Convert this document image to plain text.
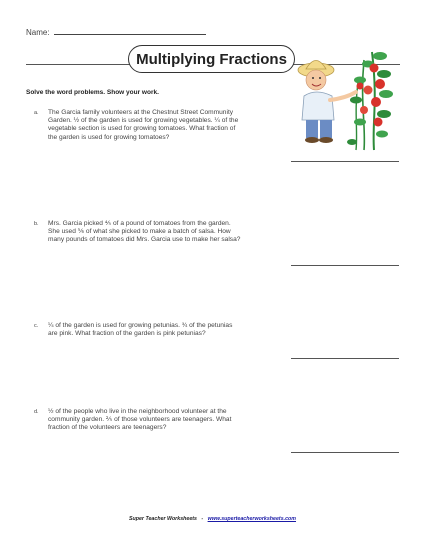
Name:
Multiplying Fractions
Solve the word problems. Show your work.
a. The Garcia family volunteers at the Chestnut Street Community Garden. ½ of the garden is used for growing vegetables. ¼ of the vegetable section is used for growing tomatoes. What fraction of the garden is used for growing tomatoes?
b. Mrs. Garcia picked ⅘ of a pound of tomatoes from the garden. She used ⅚ of what she picked to make a batch of salsa. How many pounds of tomatoes did Mrs. Garcia use to make her salsa?
c. ¼ of the garden is used for growing petunias. ¾ of the petunias are pink. What fraction of the garden is pink petunias?
d. ½ of the people who live in the neighborhood volunteer at the community garden. ⅖ of those volunteers are teenagers. What fraction of the volunteers are teenagers?
Super Teacher Worksheets - www.superteacherworksheets.com
